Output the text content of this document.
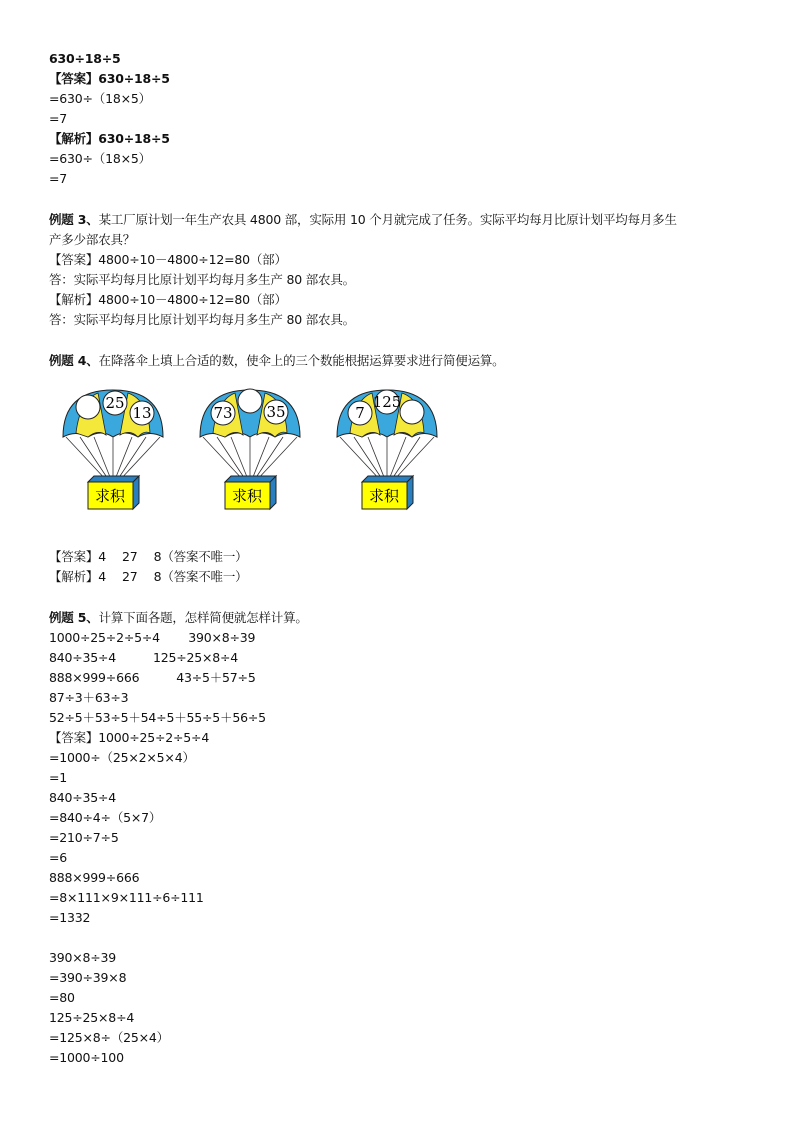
630÷18÷5
【答案】630÷18÷5
=630÷（18×5）
=7
【解析】630÷18÷5
=630÷（18×5）
=7
例题 3、某工厂原计划一年生产农具 4800 部，实际用 10 个月就完成了任务。实际平均每月比原计划平均每月多生
产多少部农具？
【答案】4800÷10－4800÷12=80（部）
答：实际平均每月比原计划平均每月多生产 80 部农具。
【解析】4800÷10－4800÷12=80（部）
答：实际平均每月比原计划平均每月多生产 80 部农具。
例题 4、在降落伞上填上合适的数，使伞上的三个数能根据运算要求进行简便运算。
25
13
求积
73 35
求积
7
125
求积
【答案】4　 27　 8（答案不唯一）
【解析】4　 27　 8（答案不唯一）
例题 5、计算下面各题，怎样简便就怎样计算。
1000÷25÷2÷5÷4　　 390×8÷39
840÷35÷4　　　125÷25×8÷4
888×999÷666　　　43÷5＋57÷5
87÷3＋63÷3
52÷5＋53÷5＋54÷5＋55÷5＋56÷5
【答案】1000÷25÷2÷5÷4
=1000÷（25×2×5×4）
=1
840÷35÷4
=840÷4÷（5×7）
=210÷7÷5
=6
888×999÷666
=8×111×9×111÷6÷111
=1332
390×8÷39
=390÷39×8
=80
125÷25×8÷4
=125×8÷（25×4）
=1000÷100
